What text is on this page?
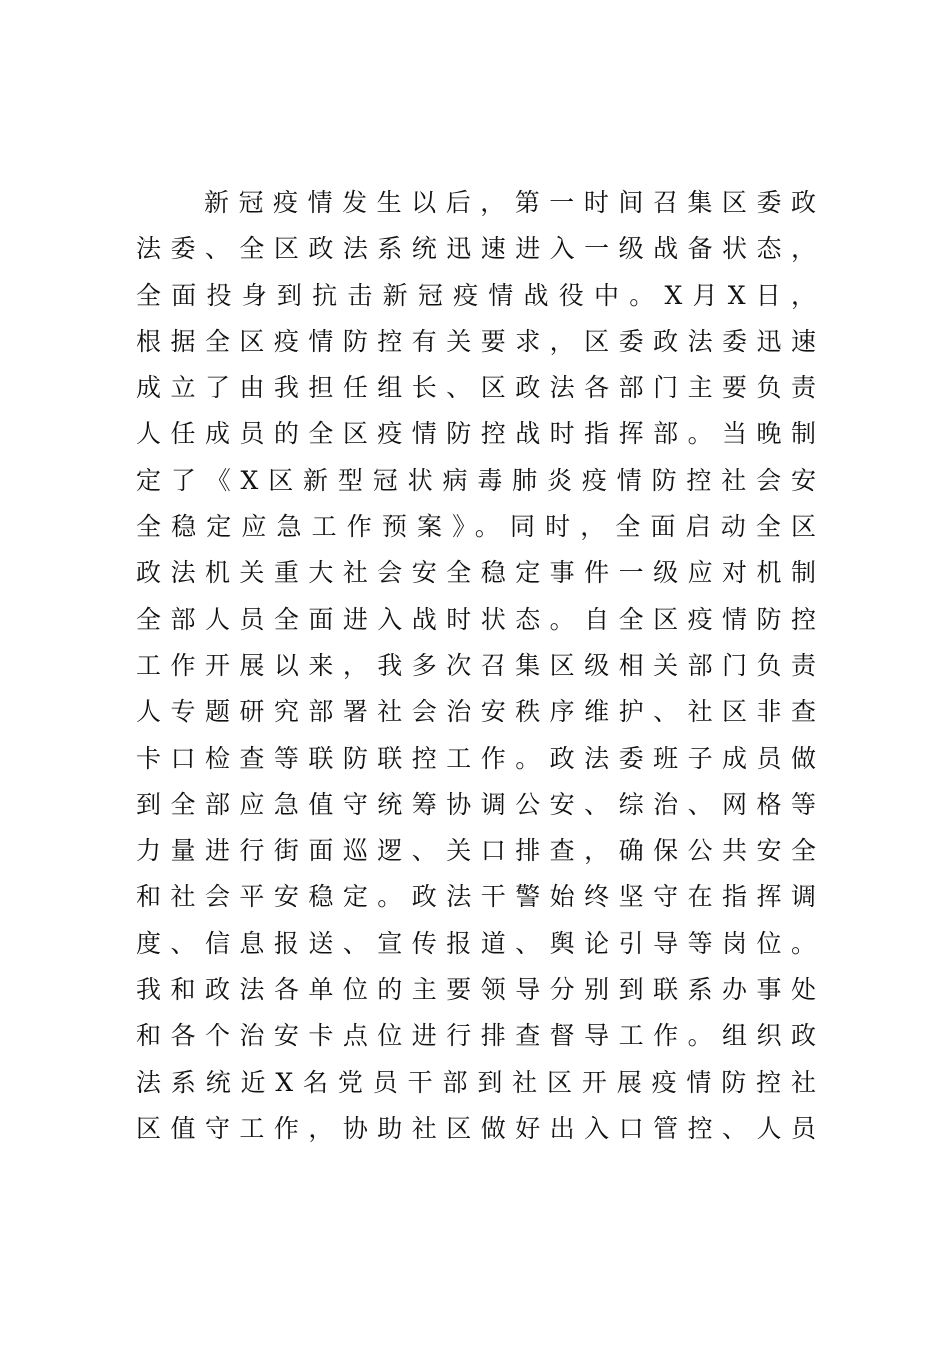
新冠疫情发生以后，第一时间召集区委政
法委、全区政法系统迅速进入一级战备状态，
全面投身到抗击新冠疫情战役中。X月X日，
根据全区疫情防控有关要求，区委政法委迅速
成立了由我担任组长、区政法各部门主要负责
人任成员的全区疫情防控战时指挥部。当晚制
定了《X区新型冠状病毒肺炎疫情防控社会安
全稳定应急工作预案》。同时，全面启动全区
政法机关重大社会安全稳定事件一级应对机制
全部人员全面进入战时状态。自全区疫情防控
工作开展以来，我多次召集区级相关部门负责
人专题研究部署社会治安秩序维护、社区非查
卡口检查等联防联控工作。政法委班子成员做
到全部应急值守统筹协调公安、综治、网格等
力量进行街面巡逻、关口排查，确保公共安全
和社会平安稳定。政法干警始终坚守在指挥调
度、信息报送、宣传报道、舆论引导等岗位。
我和政法各单位的主要领导分别到联系办事处
和各个治安卡点位进行排查督导工作。组织政
法系统近X名党员干部到社区开展疫情防控社
区值守工作，协助社区做好出入口管控、人员
